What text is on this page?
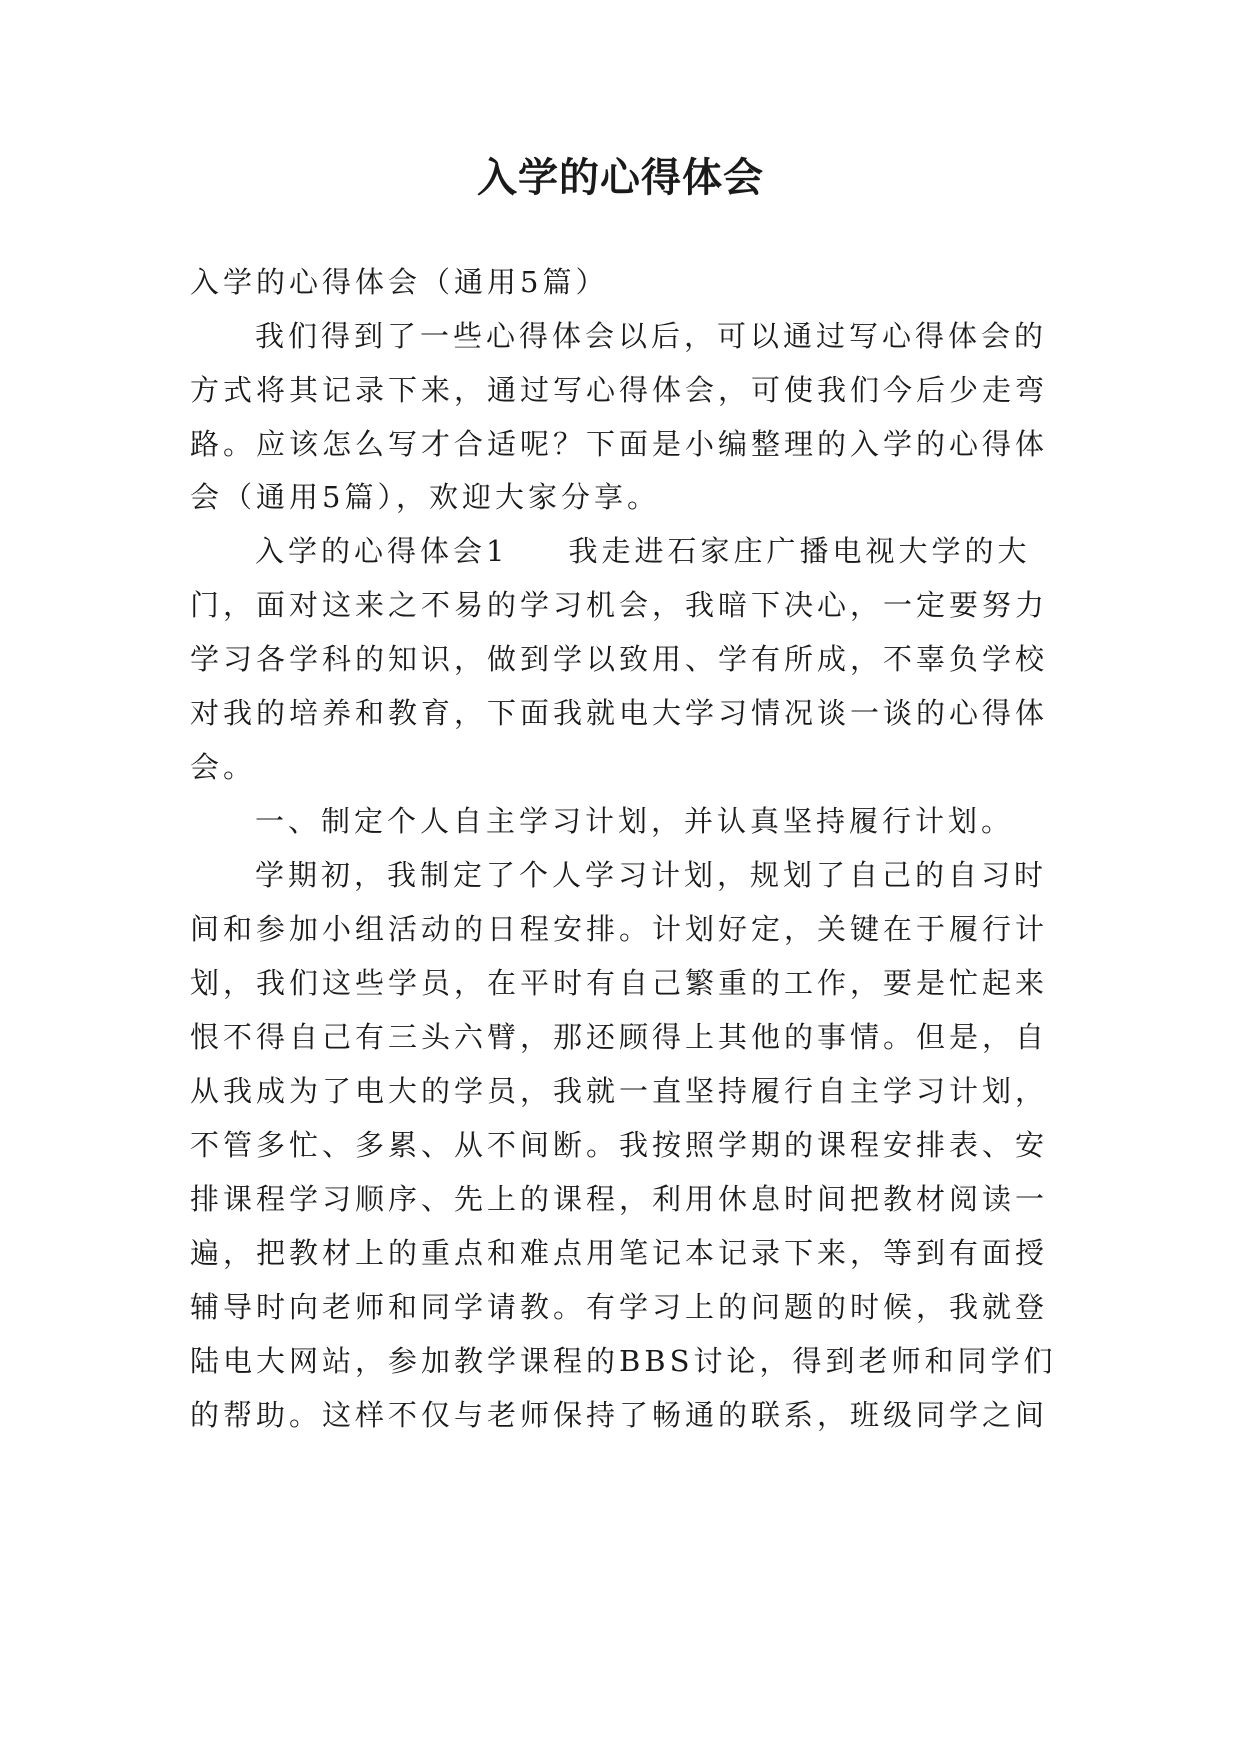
入学的心得体会
入学的心得体会（通用5篇）
我们得到了一些心得体会以后，可以通过写心得体会的
方式将其记录下来，通过写心得体会，可使我们今后少走弯
路。应该怎么写才合适呢？下面是小编整理的入学的心得体
会（通用5篇），欢迎大家分享。
入学的心得体会1 我走进石家庄广播电视大学的大
门，面对这来之不易的学习机会，我暗下决心，一定要努力
学习各学科的知识，做到学以致用、学有所成，不辜负学校
对我的培养和教育，下面我就电大学习情况谈一谈的心得体
会。
一、制定个人自主学习计划，并认真坚持履行计划。
学期初，我制定了个人学习计划，规划了自己的自习时
间和参加小组活动的日程安排。计划好定，关键在于履行计
划，我们这些学员，在平时有自己繁重的工作，要是忙起来
恨不得自己有三头六臂，那还顾得上其他的事情。但是，自
从我成为了电大的学员，我就一直坚持履行自主学习计划，
不管多忙、多累、从不间断。我按照学期的课程安排表、安
排课程学习顺序、先上的课程，利用休息时间把教材阅读一
遍，把教材上的重点和难点用笔记本记录下来，等到有面授
辅导时向老师和同学请教。有学习上的问题的时候，我就登
陆电大网站，参加教学课程的BBS讨论，得到老师和同学们
的帮助。这样不仅与老师保持了畅通的联系，班级同学之间
